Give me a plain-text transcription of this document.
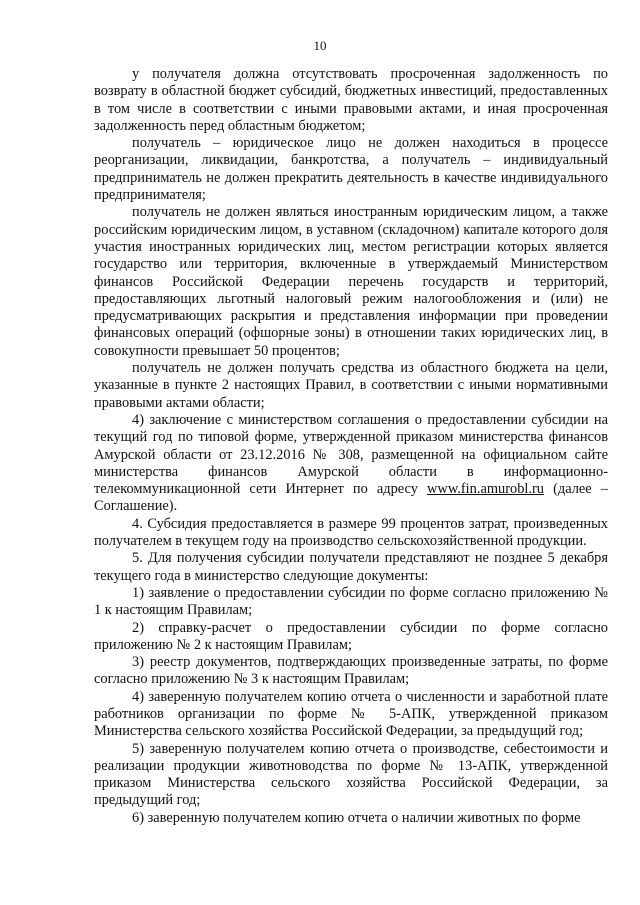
10

у получателя должна отсутствовать просроченная задолженность по возврату в областной бюджет субсидий, бюджетных инвестиций, предоставленных в том числе в соответствии с иными правовыми актами, и иная просроченная задолженность перед областным бюджетом;

получатель – юридическое лицо не должен находиться в процессе реорганизации, ликвидации, банкротства, а получатель – индивидуальный предприниматель не должен прекратить деятельность в качестве индивидуального предпринимателя;

получатель не должен являться иностранным юридическим лицом, а также российским юридическим лицом, в уставном (складочном) капитале которого доля участия иностранных юридических лиц, местом регистрации которых является государство или территория, включенные в утверждаемый Министерством финансов Российской Федерации перечень государств и территорий, предоставляющих льготный налоговый режим налогообложения и (или) не предусматривающих раскрытия и представления информации при проведении финансовых операций (офшорные зоны) в отношении таких юридических лиц, в совокупности превышает 50 процентов;

получатель не должен получать средства из областного бюджета на цели, указанные в пункте 2 настоящих Правил, в соответствии с иными нормативными правовыми актами области;

4) заключение с министерством соглашения о предоставлении субсидии на текущий год по типовой форме, утвержденной приказом министерства финансов Амурской области от 23.12.2016 № 308, размещенной на официальном сайте министерства финансов Амурской области в информационно-телекоммуникационной сети Интернет по адресу www.fin.amurobl.ru (далее – Соглашение).

4. Субсидия предоставляется в размере 99 процентов затрат, произведенных получателем в текущем году на производство сельскохозяйственной продукции.

5. Для получения субсидии получатели представляют не позднее 5 декабря текущего года в министерство следующие документы:

1) заявление о предоставлении субсидии по форме согласно приложению № 1 к настоящим Правилам;

2) справку-расчет о предоставлении субсидии по форме согласно приложению № 2 к настоящим Правилам;

3) реестр документов, подтверждающих произведенные затраты, по форме согласно приложению № 3 к настоящим Правилам;

4) заверенную получателем копию отчета о численности и заработной плате работников организации по форме № 5-АПК, утвержденной приказом Министерства сельского хозяйства Российской Федерации, за предыдущий год;

5) заверенную получателем копию отчета о производстве, себестоимости и реализации продукции животноводства по форме № 13-АПК, утвержденной приказом Министерства сельского хозяйства Российской Федерации, за предыдущий год;

6) заверенную получателем копию отчета о наличии животных по форме
